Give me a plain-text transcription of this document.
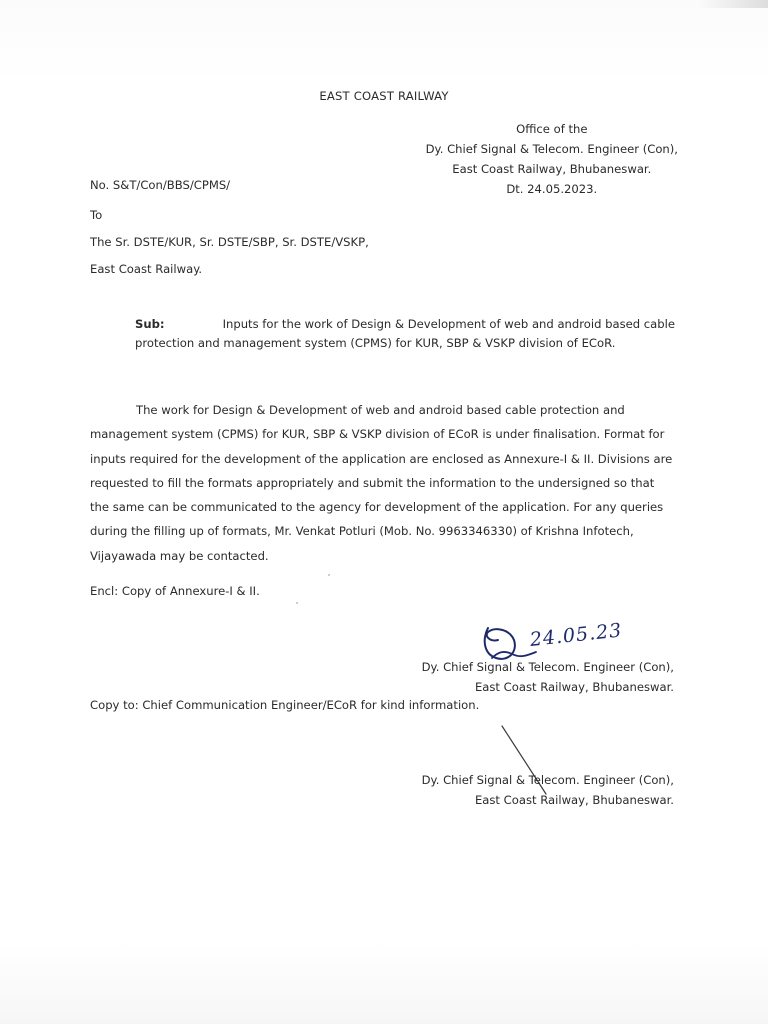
EAST COAST RAILWAY
Office of the
Dy. Chief Signal & Telecom. Engineer (Con),
East Coast Railway, Bhubaneswar.
Dt. 24.05.2023.
No. S&T/Con/BBS/CPMS/
To
The Sr. DSTE/KUR, Sr. DSTE/SBP, Sr. DSTE/VSKP,
East Coast Railway.
Sub:	Inputs for the work of Design & Development of web and android based cable
protection and management system (CPMS) for KUR, SBP & VSKP division of ECoR.
The work for Design & Development of web and android based cable protection and
management system (CPMS) for KUR, SBP & VSKP division of ECoR is under finalisation. Format for
inputs required for the development of the application are enclosed as Annexure-I & II. Divisions are
requested to fill the formats appropriately and submit the information to the undersigned so that
the same can be communicated to the agency for development of the application. For any queries
during the filling up of formats, Mr. Venkat Potluri (Mob. No. 9963346330) of Krishna Infotech,
Vijayawada may be contacted.
Encl: Copy of Annexure-I & II.
24.05.23
Dy. Chief Signal & Telecom. Engineer (Con),
East Coast Railway, Bhubaneswar.
Copy to: Chief Communication Engineer/ECoR for kind information.
Dy. Chief Signal & Telecom. Engineer (Con),
East Coast Railway, Bhubaneswar.
